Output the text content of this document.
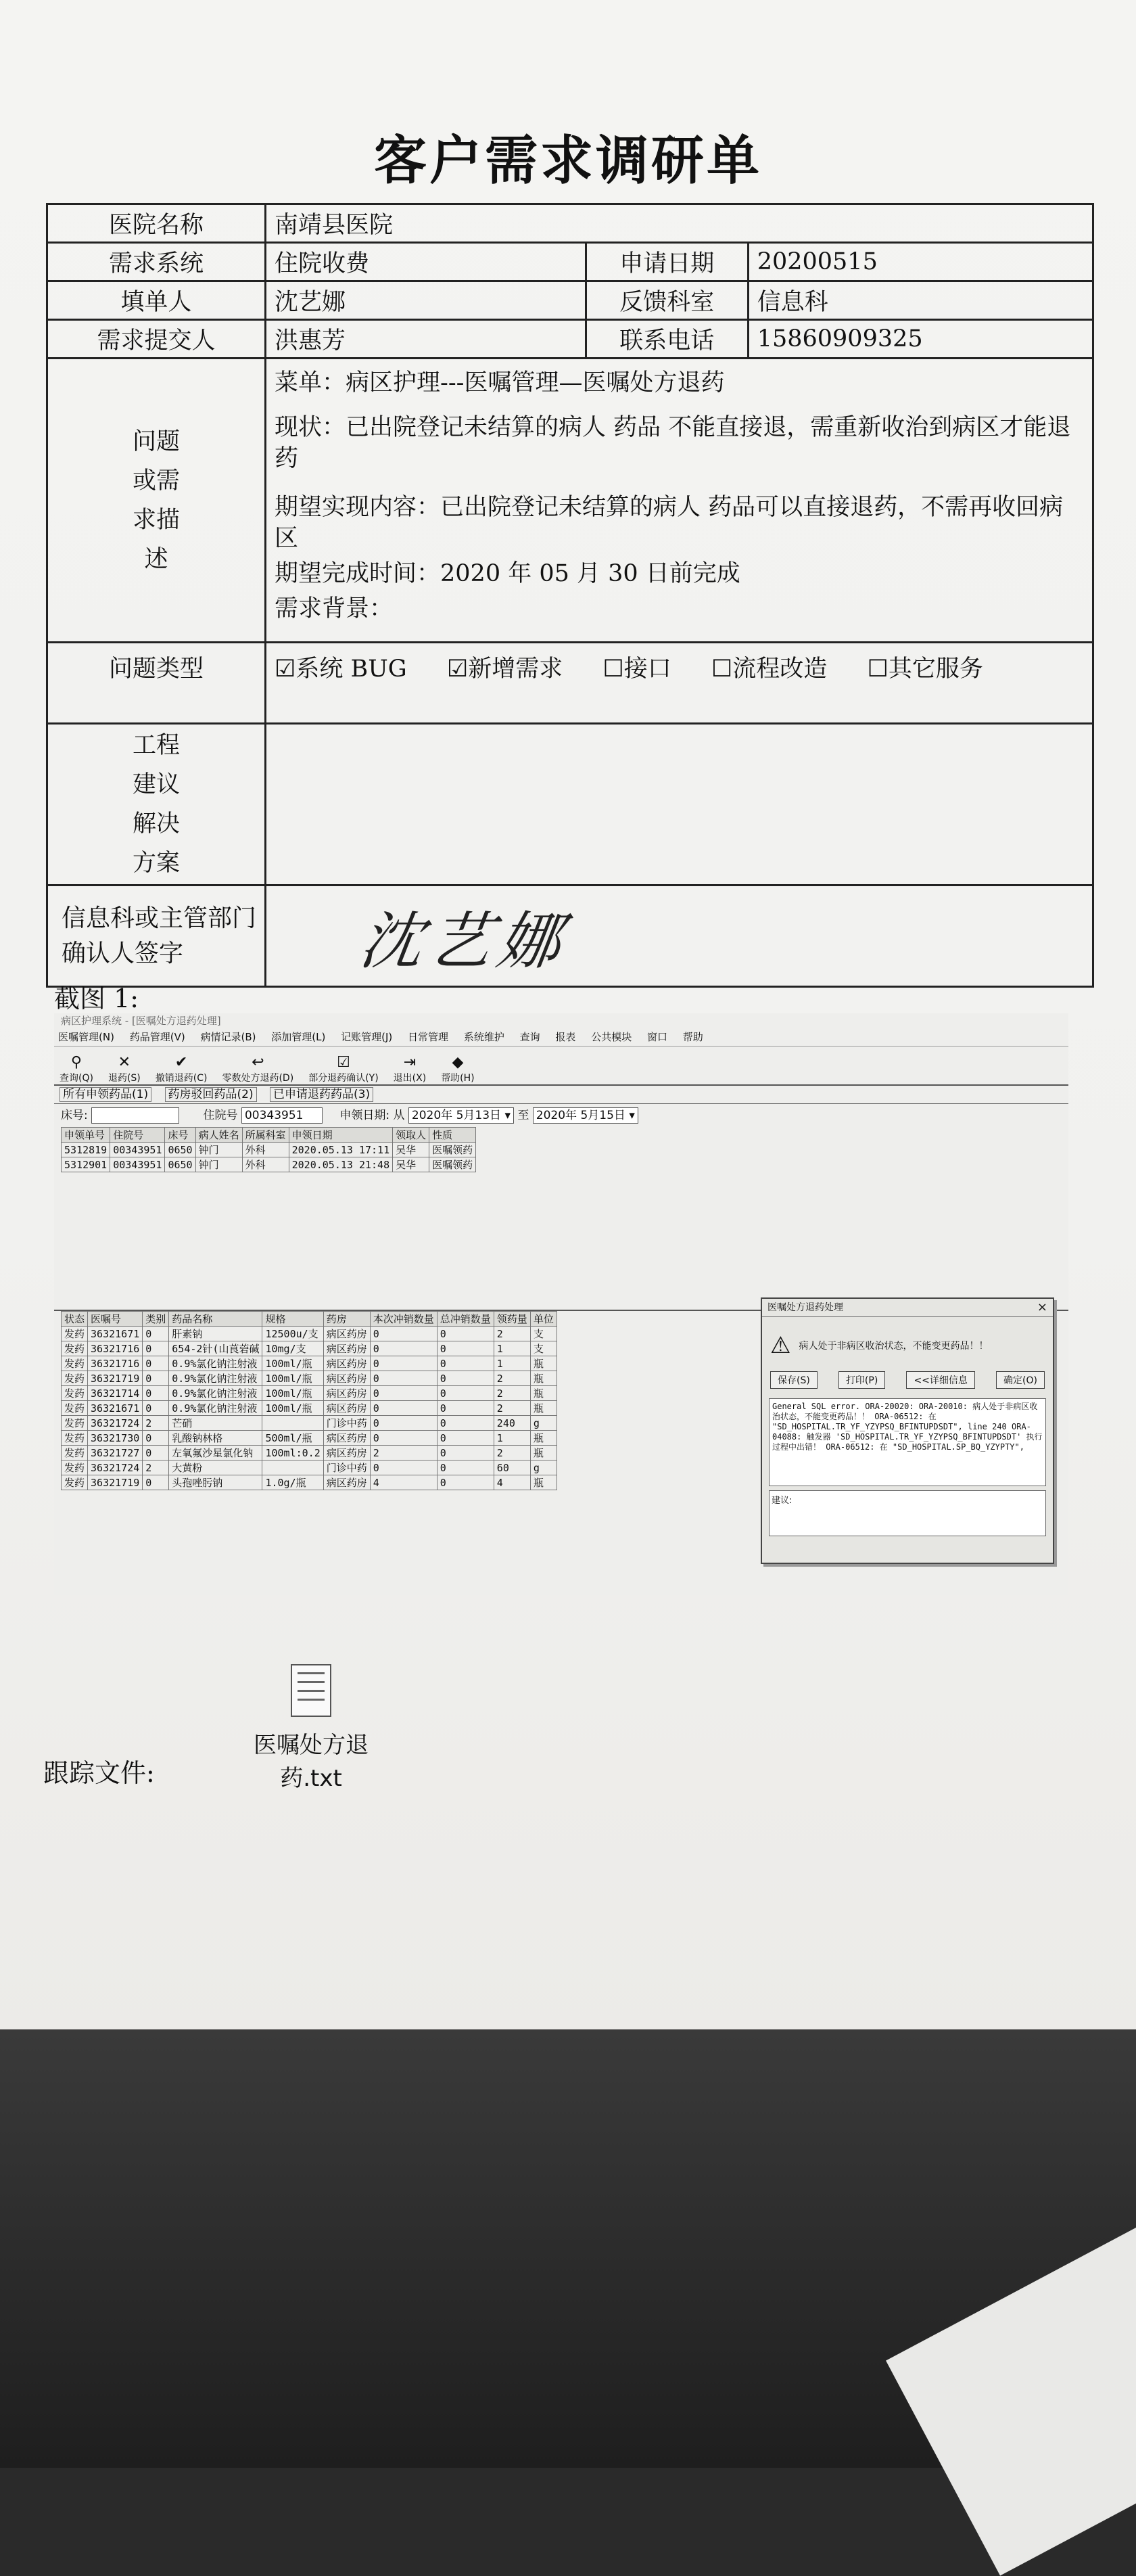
客户需求调研单
医院名称	南靖县医院		
需求系统	住院收费	申请日期	20200515
填单人	沈艺娜	反馈科室	信息科
需求提交人	洪惠芳	联系电话	15860909325

问题或需求描述	菜单：病区护理---医嘱管理—医嘱处方退药

现状：已出院登记未结算的病人 药品 不能直接退，需重新收治到病区才能退药

期望实现内容：已出院登记未结算的病人 药品可以直接退药，不需再收回病区

期望完成时间：2020 年 05 月 30 日前完成

需求背景：		

问题类型	☑系统 BUG ☑新增需求 ☐接口 ☐流程改造 ☐其它服务		

工程建议解决方案			

信息科或主管部门
确认人签字	沈艺娜		
截图 1:
病区护理系统 - [医嘱处方退药处理]
医嘱管理(N) 药品管理(V) 病情记录(B) 添加管理(L) 记账管理(J) 日常管理 系统维护 查询 报表 公共模块 窗口 帮助
⚲
查询(Q)
✕
退药(S)
✔
撤销退药(C)
↩
零数处方退药(D)
☑
部分退药确认(Y)
⇥
退出(X)
◆
帮助(H)
所有申领药品(1) 药房驳回药品(2) 已申请退药药品(3)
床号:	住院号 00343951	申领日期: 从 2020年 5月13日 ▾ 至 2020年 5月15日 ▾
申领单号	住院号	床号	病人姓名	所属科室	申领日期	领取人	性质
5312819	00343951	0650	钟门	外科	2020.05.13 17:11	吴华	医嘱领药
5312901	00343951	0650	钟门	外科	2020.05.13 21:48	吴华	医嘱领药
状态	医嘱号	类别	药品名称	规格	药房	本次冲销数量	总冲销数量	领药量	单位
发药	36321671	0	肝素钠	12500u/支	病区药房	0	0	2	支
发药	36321716	0	654-2针(山莨菪碱	10mg/支	病区药房	0	0	1	支
发药	36321716	0	0.9%氯化钠注射液	100ml/瓶	病区药房	0	0	1	瓶
发药	36321719	0	0.9%氯化钠注射液	100ml/瓶	病区药房	0	0	2	瓶
发药	36321714	0	0.9%氯化钠注射液	100ml/瓶	病区药房	0	0	2	瓶
发药	36321671	0	0.9%氯化钠注射液	100ml/瓶	病区药房	0	0	2	瓶
发药	36321724	2	芒硝		门诊中药	0	0	240	g
发药	36321730	0	乳酸钠林格	500ml/瓶	病区药房	0	0	1	瓶
发药	36321727	0	左氧氟沙星氯化钠	100ml:0.2	病区药房	2	0	2	瓶
发药	36321724	2	大黄粉		门诊中药	0	0	60	g
发药	36321719	0	头孢唑肟钠	1.0g/瓶	病区药房	4	0	4	瓶
医嘱处方退药处理	×
⚠ 病人处于非病区收治状态，不能变更药品！！
保存(S)	打印(P)	<<详细信息	确定(O)
General SQL error. ORA-20020: ORA-20010: 病人处于非病区收治状态，不能变更药品！！ ORA-06512: 在 "SD_HOSPITAL.TR_YF_YZYPSQ_BFINTUPDSDT", line 240 ORA-04088: 触发器 'SD_HOSPITAL.TR_YF_YZYPSQ_BFINTUPDSDT' 执行过程中出错！ ORA-06512: 在 "SD_HOSPITAL.SP_BQ_YZYPTY",
建议:
医嘱处方退药.txt
跟踪文件:
